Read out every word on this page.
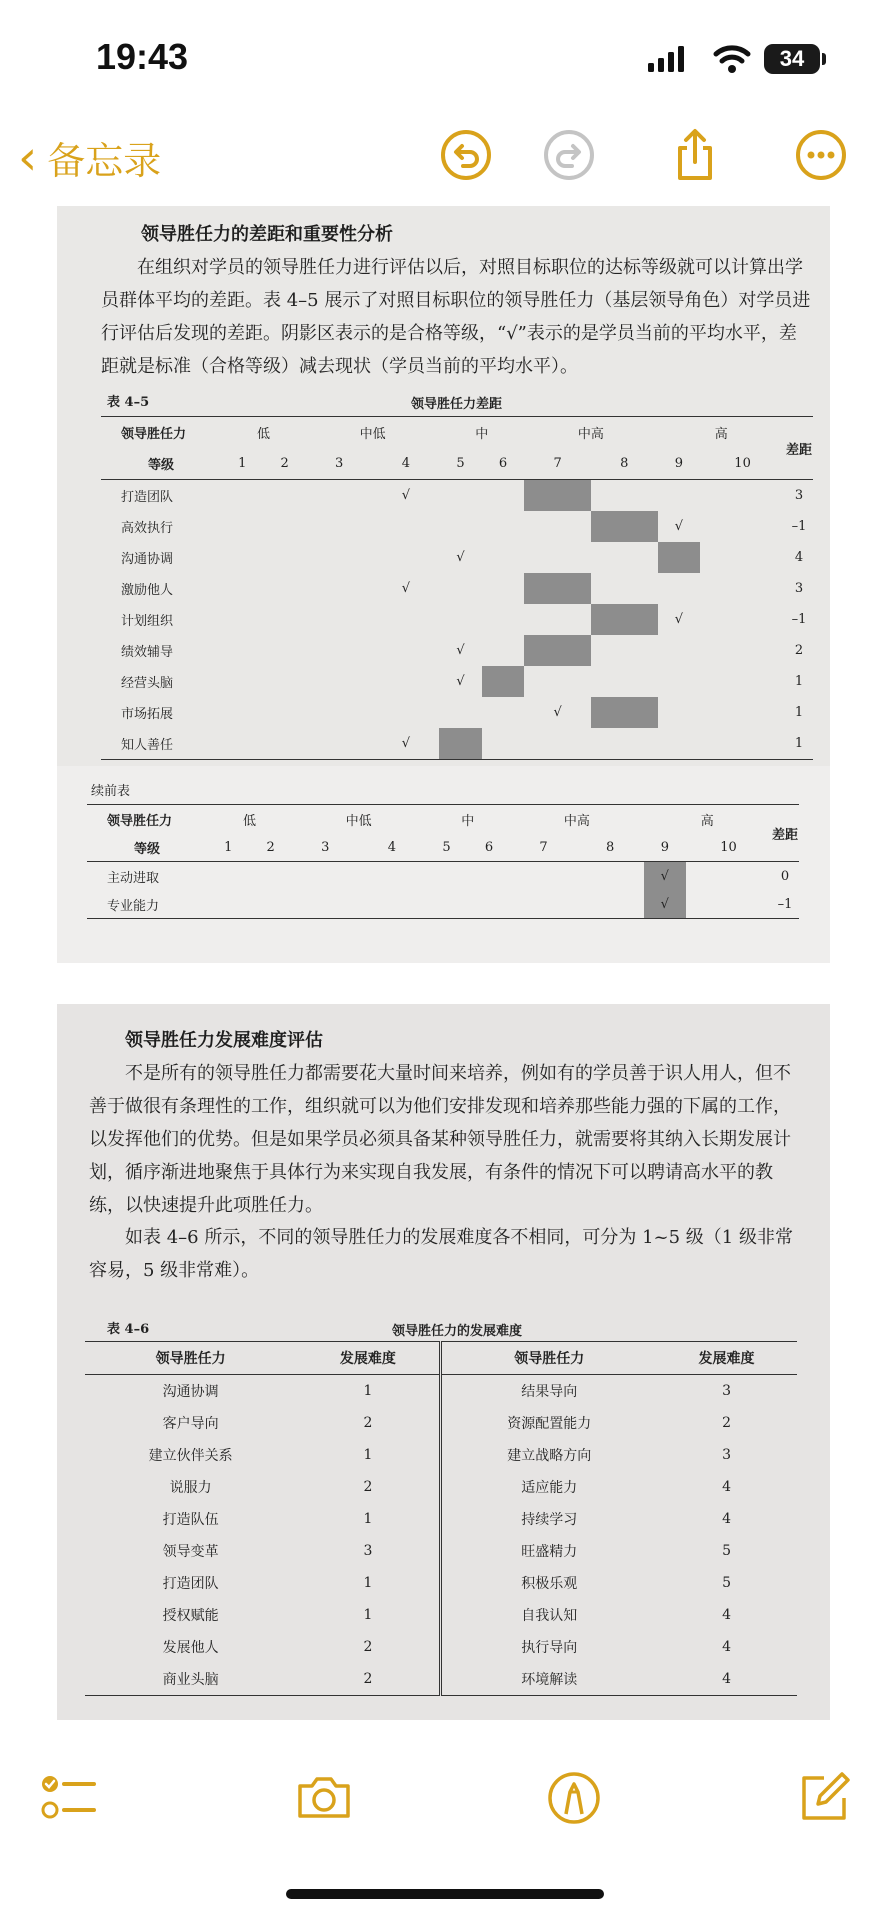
19:43	34
‹ 备忘录
领导胜任力的差距和重要性分析
在组织对学员的领导胜任力进行评估以后，对照目标职位的达标等级就可以计算出学员群体平均的差距。表 4–5 展示了对照目标职位的领导胜任力（基层领导角色）对学员进行评估后发现的差距。阴影区表示的是合格等级，“√”表示的是学员当前的平均水平，差距就是标准（合格等级）减去现状（学员当前的平均水平）。
表 4–5	领导胜任力差距
领导胜任力	低		中低		中		中高		高		差距
等级	1	2	3	4	5	6	7	8	9	10	
打造团队				√							3
高效执行									√		–1
沟通协调					√						4
激励他人				√							3
计划组织									√		–1
绩效辅导					√						2
经营头脑					√						1
市场拓展							√				1
知人善任				√							1
续前表
领导胜任力	低		中低		中		中高		高		差距
等级	1	2	3	4	5	6	7	8	9	10	
主动进取									√		0
专业能力									√		–1
领导胜任力发展难度评估
不是所有的领导胜任力都需要花大量时间来培养，例如有的学员善于识人用人，但不善于做很有条理性的工作，组织就可以为他们安排发现和培养那些能力强的下属的工作，以发挥他们的优势。但是如果学员必须具备某种领导胜任力，就需要将其纳入长期发展计划，循序渐进地聚焦于具体行为来实现自我发展，有条件的情况下可以聘请高水平的教练，以快速提升此项胜任力。
如表 4–6 所示，不同的领导胜任力的发展难度各不相同，可分为 1~5 级（1 级非常容易，5 级非常难）。
表 4–6	领导胜任力的发展难度
领导胜任力	发展难度	领导胜任力	发展难度
沟通协调	1	结果导向	3
客户导向	2	资源配置能力	2
建立伙伴关系	1	建立战略方向	3
说服力	2	适应能力	4
打造队伍	1	持续学习	4
领导变革	3	旺盛精力	5
打造团队	1	积极乐观	5
授权赋能	1	自我认知	4
发展他人	2	执行导向	4
商业头脑	2	环境解读	4
